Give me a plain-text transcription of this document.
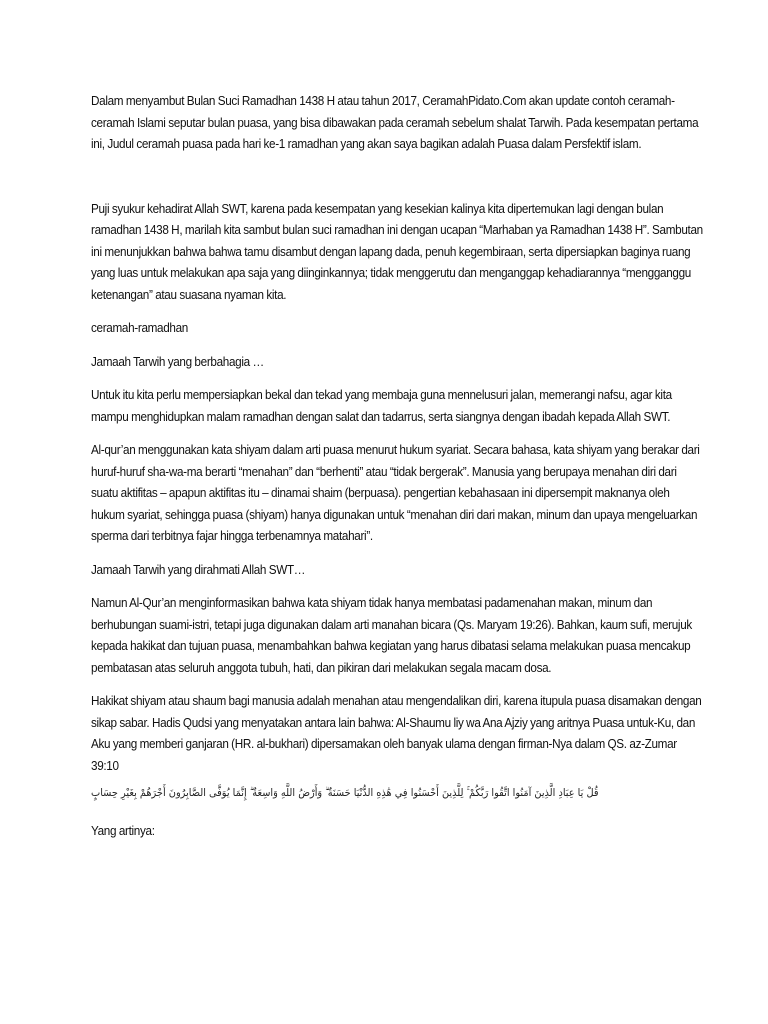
Dalam menyambut Bulan Suci Ramadhan 1438 H atau tahun 2017, CeramahPidato.Com akan update contoh ceramah-ceramah Islami seputar bulan puasa, yang bisa dibawakan pada ceramah sebelum shalat Tarwih. Pada kesempatan pertama ini, Judul ceramah puasa pada hari ke-1 ramadhan yang akan saya bagikan adalah Puasa dalam Persfektif islam.

Puji syukur kehadirat Allah SWT, karena pada kesempatan yang kesekian kalinya kita dipertemukan lagi dengan bulan ramadhan 1438 H, marilah kita sambut bulan suci ramadhan ini dengan ucapan “Marhaban ya Ramadhan 1438 H”. Sambutan ini menunjukkan bahwa bahwa tamu disambut dengan lapang dada, penuh kegembiraan, serta dipersiapkan baginya ruang yang luas untuk melakukan apa saja yang diinginkannya; tidak menggerutu dan menganggap kehadiarannya “mengganggu ketenangan” atau suasana nyaman kita.

ceramah-ramadhan

Jamaah Tarwih yang berbahagia …

Untuk itu kita perlu mempersiapkan bekal dan tekad yang membaja guna mennelusuri jalan, memerangi nafsu, agar kita mampu menghidupkan malam ramadhan dengan salat dan tadarrus, serta siangnya dengan ibadah kepada Allah SWT.

Al-qur’an menggunakan kata shiyam dalam arti puasa menurut hukum syariat. Secara bahasa, kata shiyam yang berakar dari huruf-huruf sha-wa-ma berarti “menahan” dan “berhenti” atau “tidak bergerak”. Manusia yang berupaya menahan diri dari suatu aktifitas – apapun aktifitas itu – dinamai shaim (berpuasa). pengertian kebahasaan ini dipersempit maknanya oleh hukum syariat, sehingga puasa (shiyam) hanya digunakan untuk “menahan diri dari makan, minum dan upaya mengeluarkan sperma dari terbitnya fajar hingga terbenamnya matahari”.

Jamaah Tarwih yang dirahmati Allah SWT…

Namun Al-Qur’an menginformasikan bahwa kata shiyam tidak hanya membatasi padamenahan makan, minum dan berhubungan suami-istri, tetapi juga digunakan dalam arti manahan bicara (Qs. Maryam 19:26). Bahkan, kaum sufi, merujuk kepada hakikat dan tujuan puasa, menambahkan bahwa kegiatan yang harus dibatasi selama melakukan puasa mencakup pembatasan atas seluruh anggota tubuh, hati, dan pikiran dari melakukan segala macam dosa.

Hakikat shiyam atau shaum bagi manusia adalah menahan atau mengendalikan diri, karena itupula puasa disamakan dengan sikap sabar. Hadis Qudsi yang menyatakan antara lain bahwa: Al-Shaumu liy wa Ana Ajziy yang aritnya Puasa untuk-Ku, dan Aku yang memberi ganjaran (HR. al-bukhari) dipersamakan oleh banyak ulama dengan firman-Nya dalam QS. az-Zumar 39:10

قُلْ يَا عِبَادِ الَّذِينَ آمَنُوا اتَّقُوا رَبَّكُمْ ۚ لِلَّذِينَ أَحْسَنُوا فِي هَٰذِهِ الدُّنْيَا حَسَنَةٌ ۗ وَأَرْضُ اللَّهِ وَاسِعَةٌ ۗ إِنَّمَا يُوَفَّى الصَّابِرُونَ أَجْرَهُمْ بِغَيْرِ حِسَابٍ

Yang artinya:
